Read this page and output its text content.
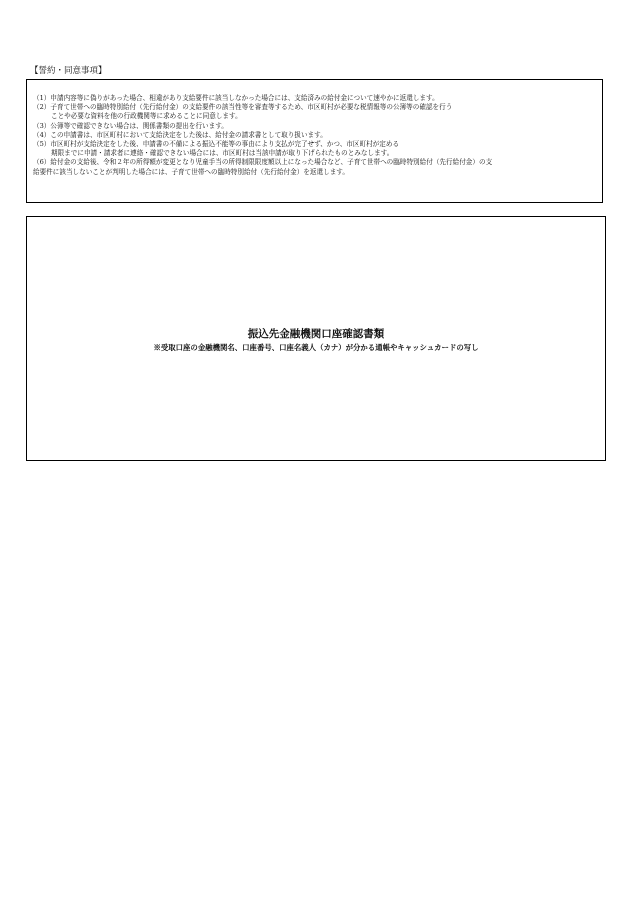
【誓約・同意事項】
（1）申請内容等に偽りがあった場合、相違があり支給要件に該当しなかった場合には、支給済みの給付金について速やかに返還します。
（2）子育て世帯への臨時特別給付（先行給付金）の支給要件の該当性等を審査等するため、市区町村が必要な税情報等の公簿等の確認を行う
ことや必要な資料を他の行政機関等に求めることに同意します。
（3）公簿等で確認できない場合は、関係書類の提出を行います。
（4）この申請書は、市区町村において支給決定をした後は、給付金の請求書として取り扱います。
（5）市区町村が支給決定をした後、申請書の不備による振込不能等の事由により支払が完了せず、かつ、市区町村が定める
期限までに申請・請求者に連絡・確認できない場合には、市区町村は当該申請が取り下げられたものとみなします。
（6）給付金の支給後、令和２年の所得額が変更となり児童手当の所得制限限度額以上になった場合など、子育て世帯への臨時特別給付（先行給付金）の支
給要件に該当しないことが判明した場合には、子育て世帯への臨時特別給付（先行給付金）を返還します。
振込先金融機関口座確認書類
※受取口座の金融機関名、口座番号、口座名義人（カナ）が分かる通帳やキャッシュカードの写し
